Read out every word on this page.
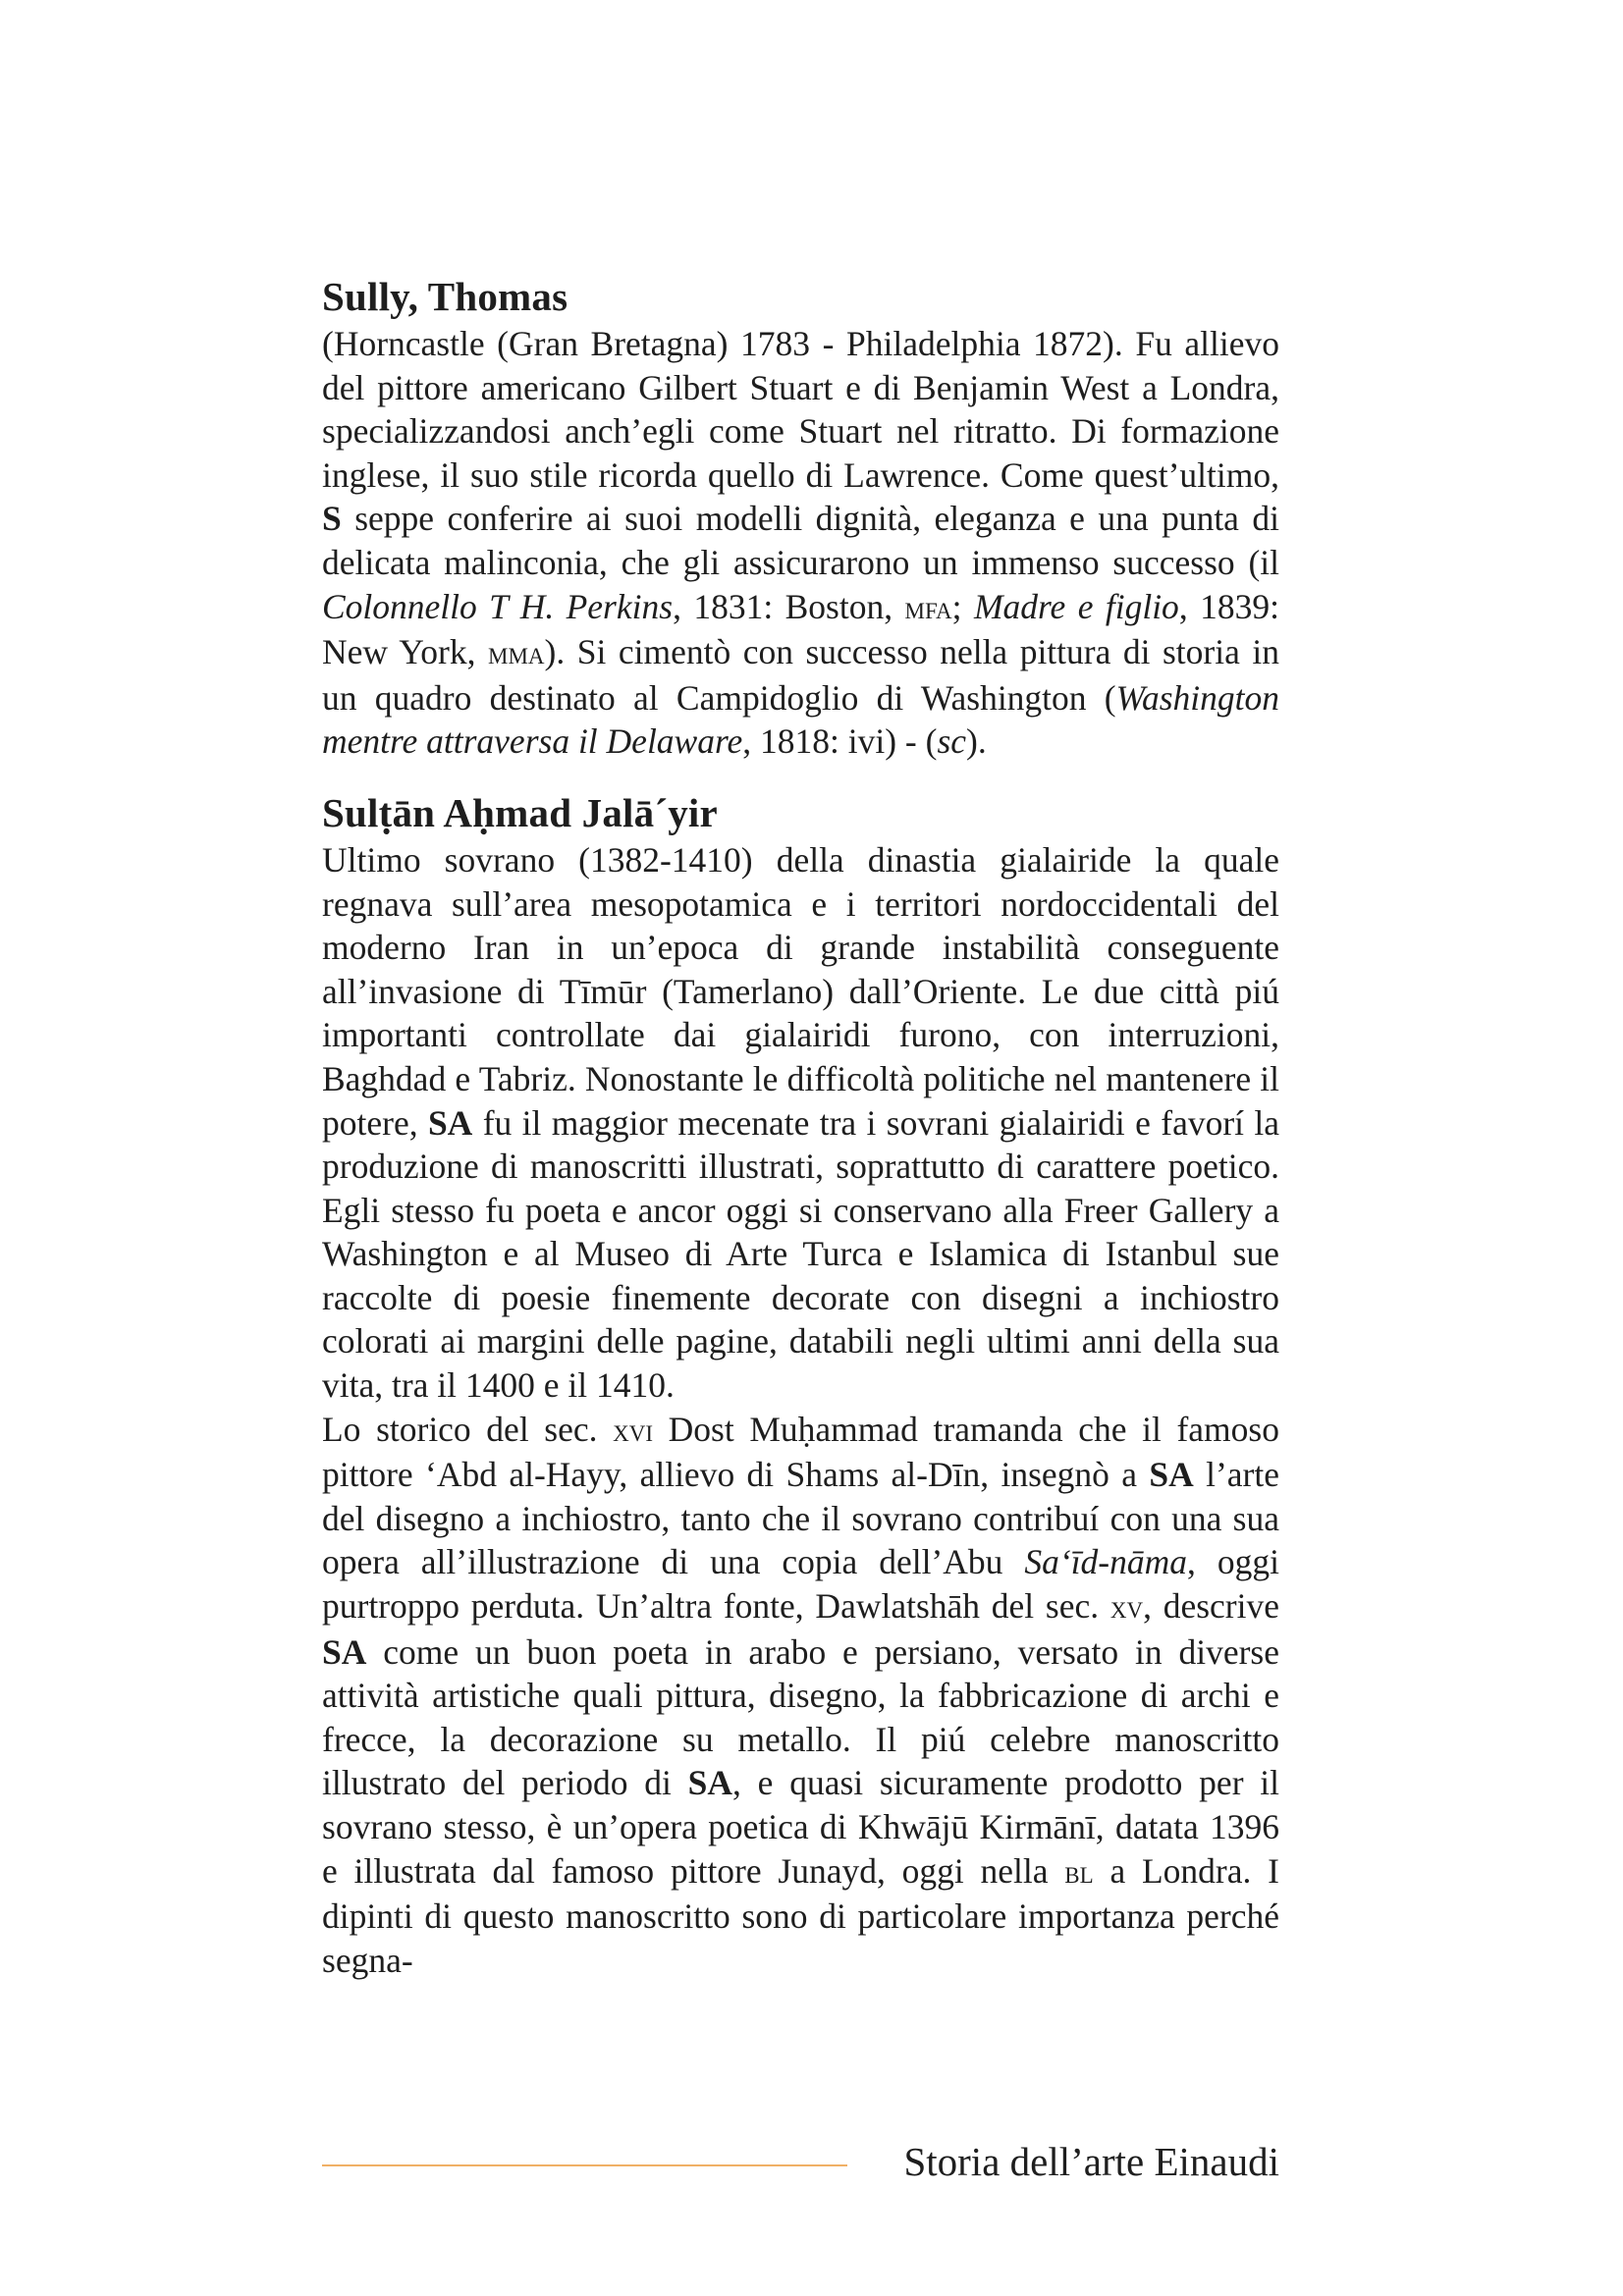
Sully, Thomas

(Horncastle (Gran Bretagna) 1783 - Philadelphia 1872). Fu allievo del pittore americano Gilbert Stuart e di Benjamin West a Londra, specializzandosi anch’egli come Stuart nel ritratto. Di formazione inglese, il suo stile ricorda quello di Lawrence. Come quest’ultimo, S seppe conferire ai suoi modelli dignità, eleganza e una punta di delicata malinconia, che gli assicurarono un immenso successo (il Colonnello T H. Perkins, 1831: Boston, mfa; Madre e figlio, 1839: New York, mma). Si cimentò con successo nella pittura di storia in un quadro destinato al Campidoglio di Washington (Washington mentre attraversa il Delaware, 1818: ivi) - (sc).

Sulṭān Aḥmad Jalā´yir

Ultimo sovrano (1382-1410) della dinastia gialairide la quale regnava sull’area mesopotamica e i territori nordoccidentali del moderno Iran in un’epoca di grande instabilità conseguente all’invasione di Tīmūr (Tamerlano) dall’Oriente. Le due città piú importanti controllate dai gialairidi furono, con interruzioni, Baghdad e Tabriz. Nonostante le difficoltà politiche nel mantenere il potere, SA fu il maggior mecenate tra i sovrani gialairidi e favorí la produzione di manoscritti illustrati, soprattutto di carattere poetico. Egli stesso fu poeta e ancor oggi si conservano alla Freer Gallery a Washington e al Museo di Arte Turca e Islamica di Istanbul sue raccolte di poesie finemente decorate con disegni a inchiostro colorati ai margini delle pagine, databili negli ultimi anni della sua vita, tra il 1400 e il 1410.

Lo storico del sec. xvi Dost Muḥammad tramanda che il famoso pittore ‘Abd al-Hayy, allievo di Shams al-Dīn, insegnò a SA l’arte del disegno a inchiostro, tanto che il sovrano contribuí con una sua opera all’illustrazione di una copia dell’Abu Sa‘īd-nāma, oggi purtroppo perduta. Un’altra fonte, Dawlatshāh del sec. xv, descrive SA come un buon poeta in arabo e persiano, versato in diverse attività artistiche quali pittura, disegno, la fabbricazione di archi e frecce, la decorazione su metallo. Il piú celebre manoscritto illustrato del periodo di SA, e quasi sicuramente prodotto per il sovrano stesso, è un’opera poetica di Khwājū Kirmānī, datata 1396 e illustrata dal famoso pittore Junayd, oggi nella bl a Londra. I dipinti di questo manoscritto sono di particolare importanza perché segna-

Storia dell’arte Einaudi
